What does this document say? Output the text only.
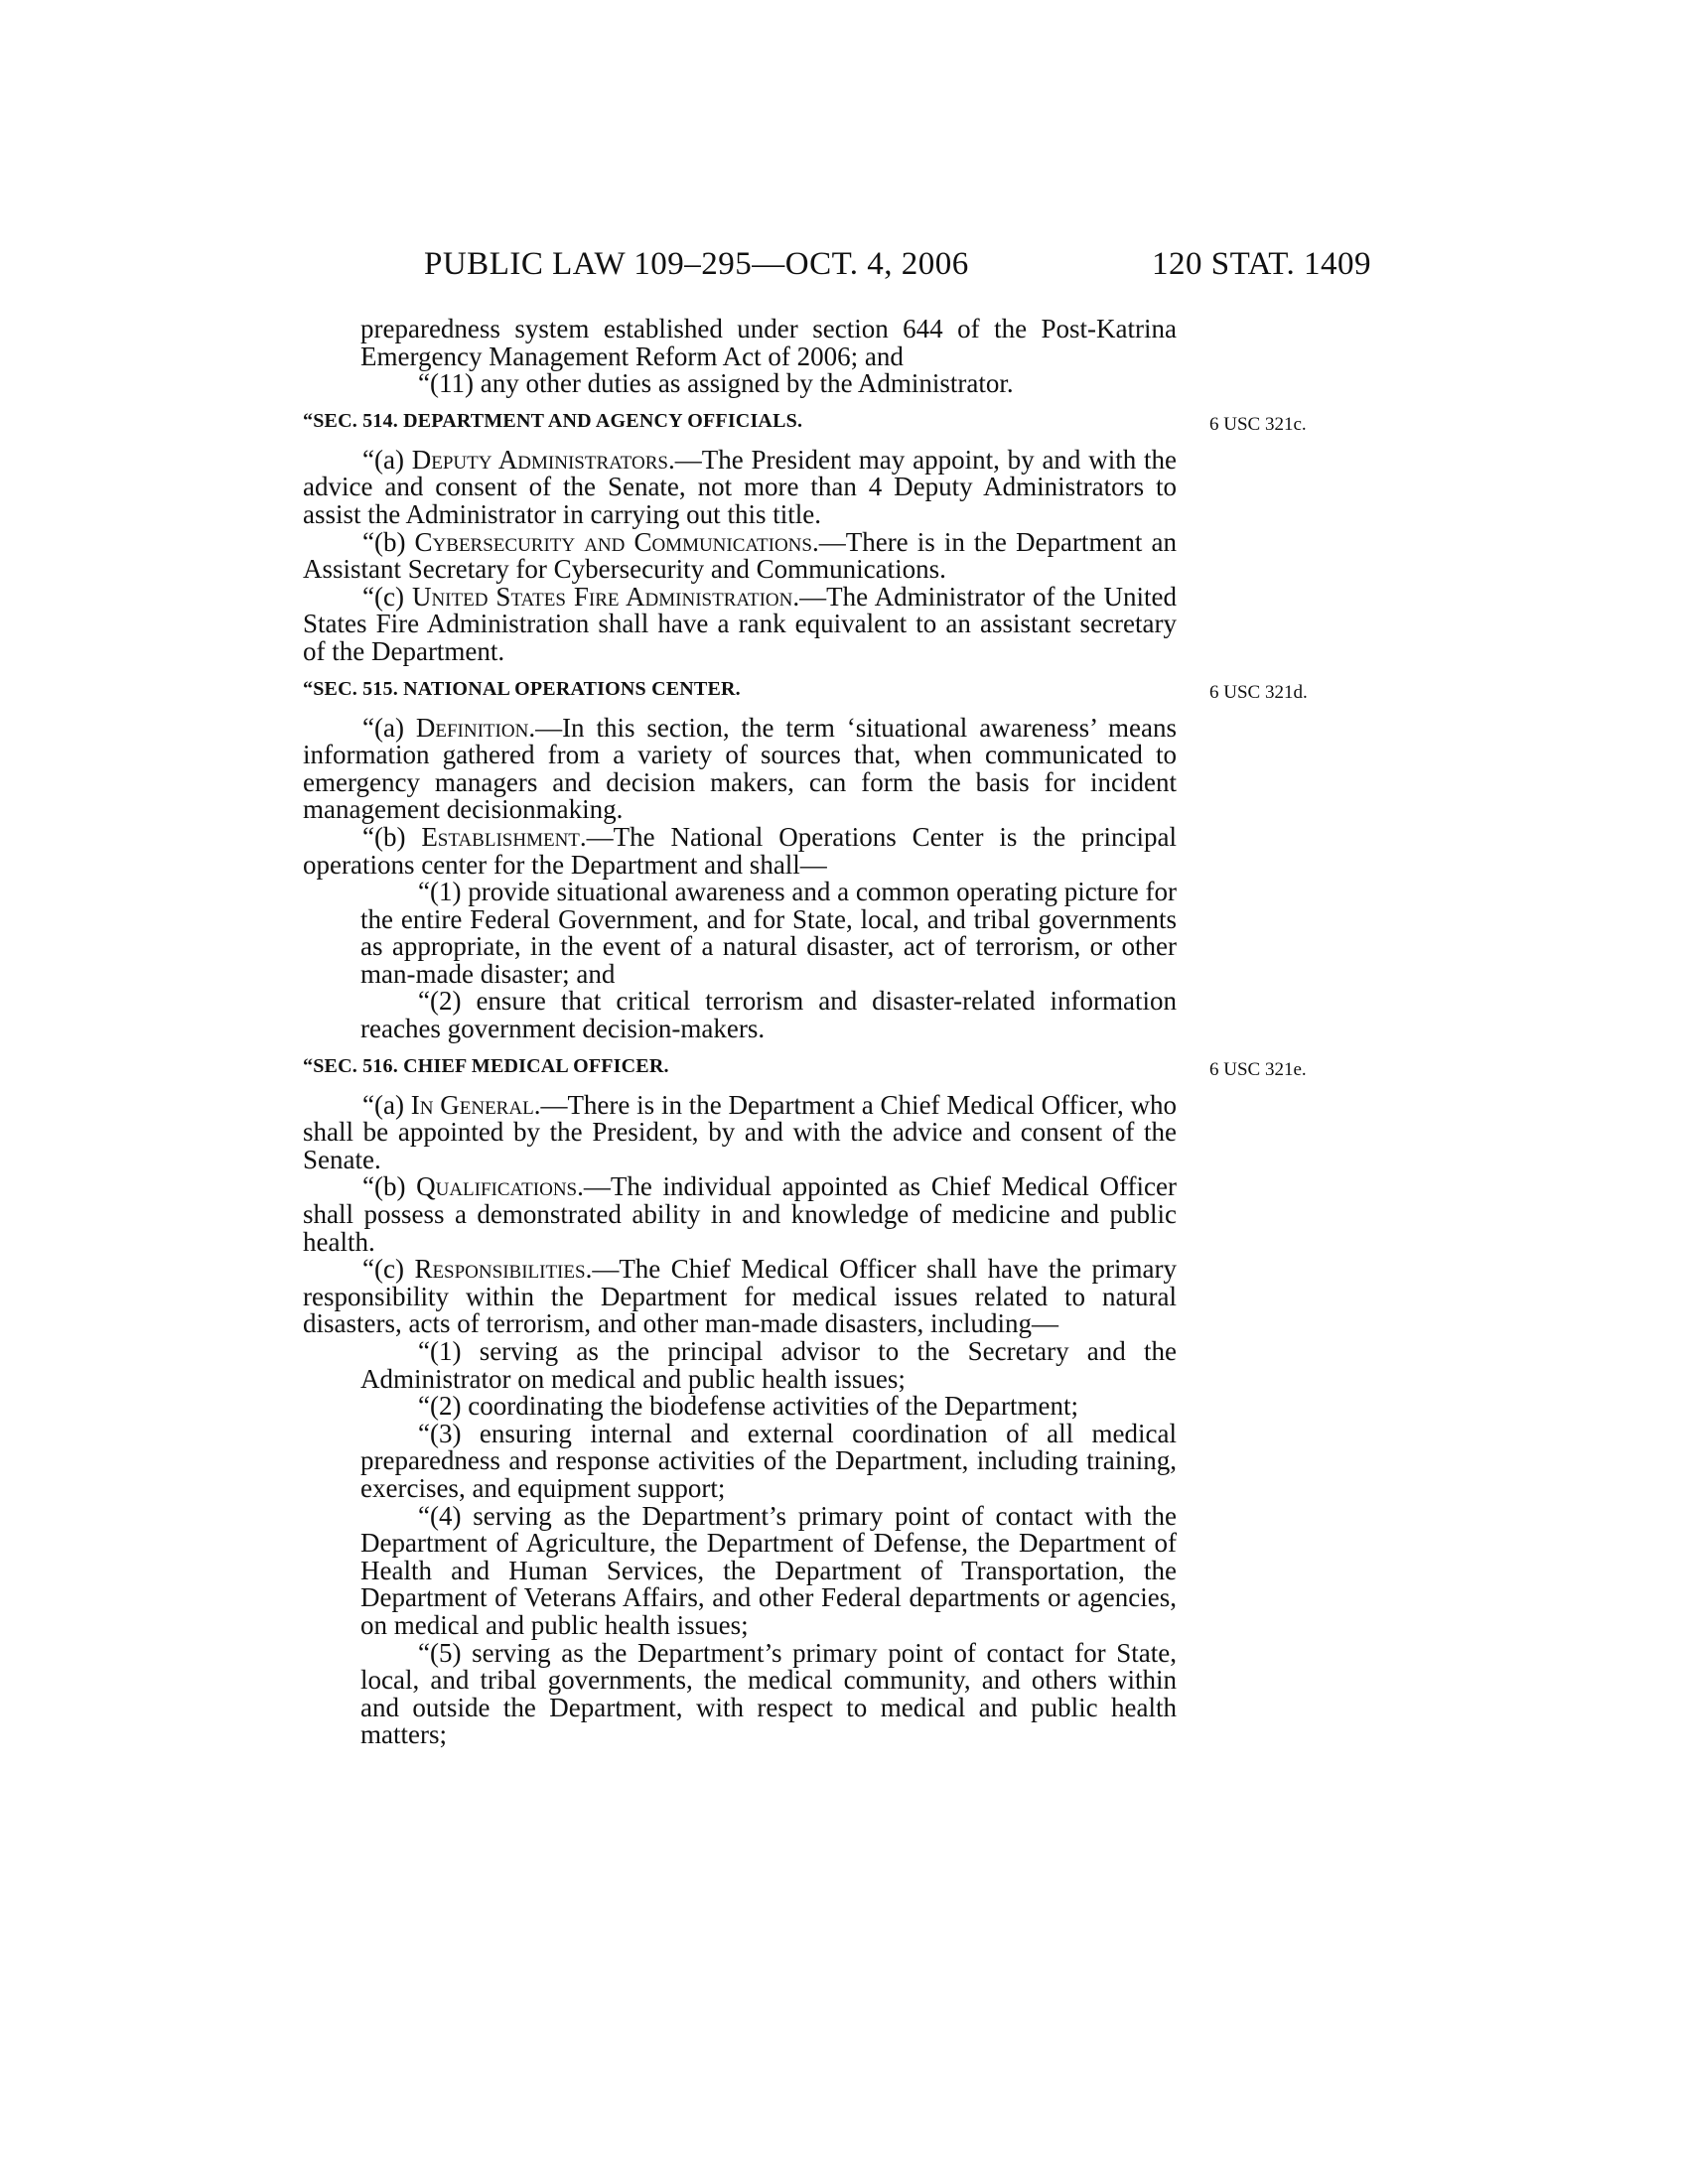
PUBLIC LAW 109–295—OCT. 4, 2006	120 STAT. 1409

preparedness system established under section 644 of the Post-Katrina Emergency Management Reform Act of 2006; and

“(11) any other duties as assigned by the Administrator.

“SEC. 514. DEPARTMENT AND AGENCY OFFICIALS.	6 USC 321c.

“(a) Deputy Administrators.—The President may appoint, by and with the advice and consent of the Senate, not more than 4 Deputy Administrators to assist the Administrator in carrying out this title.

“(b) Cybersecurity and Communications.—There is in the Department an Assistant Secretary for Cybersecurity and Communications.

“(c) United States Fire Administration.—The Administrator of the United States Fire Administration shall have a rank equivalent to an assistant secretary of the Department.

“SEC. 515. NATIONAL OPERATIONS CENTER.	6 USC 321d.

“(a) Definition.—In this section, the term ‘situational awareness’ means information gathered from a variety of sources that, when communicated to emergency managers and decision makers, can form the basis for incident management decisionmaking.

“(b) Establishment.—The National Operations Center is the principal operations center for the Department and shall—

“(1) provide situational awareness and a common operating picture for the entire Federal Government, and for State, local, and tribal governments as appropriate, in the event of a natural disaster, act of terrorism, or other man-made disaster; and

“(2) ensure that critical terrorism and disaster-related information reaches government decision-makers.

“SEC. 516. CHIEF MEDICAL OFFICER.	6 USC 321e.

“(a) In General.—There is in the Department a Chief Medical Officer, who shall be appointed by the President, by and with the advice and consent of the Senate.

“(b) Qualifications.—The individual appointed as Chief Medical Officer shall possess a demonstrated ability in and knowledge of medicine and public health.

“(c) Responsibilities.—The Chief Medical Officer shall have the primary responsibility within the Department for medical issues related to natural disasters, acts of terrorism, and other man-made disasters, including—

“(1) serving as the principal advisor to the Secretary and the Administrator on medical and public health issues;

“(2) coordinating the biodefense activities of the Department;

“(3) ensuring internal and external coordination of all medical preparedness and response activities of the Department, including training, exercises, and equipment support;

“(4) serving as the Department’s primary point of contact with the Department of Agriculture, the Department of Defense, the Department of Health and Human Services, the Department of Transportation, the Department of Veterans Affairs, and other Federal departments or agencies, on medical and public health issues;

“(5) serving as the Department’s primary point of contact for State, local, and tribal governments, the medical community, and others within and outside the Department, with respect to medical and public health matters;
